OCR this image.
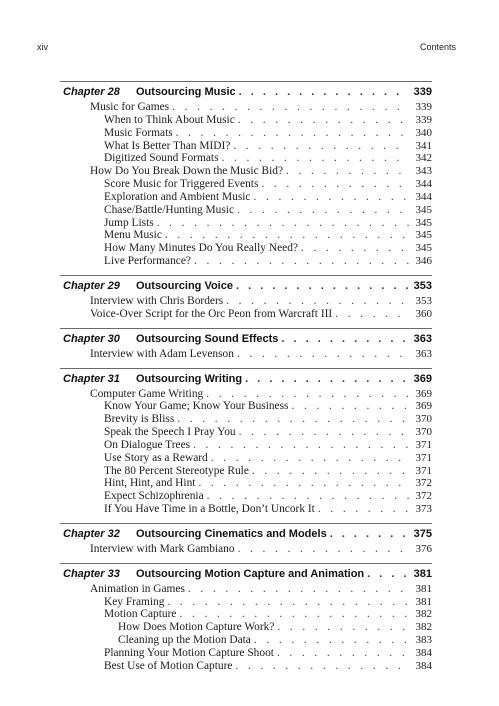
xiv	Contents
Chapter 28	Outsourcing Music . . .	339
Music for Games . . .	339
When to Think About Music . . .	339
Music Formats . . .	340
What Is Better Than MIDI? . . .	341
Digitized Sound Formats . . .	342
How Do You Break Down the Music Bid? . . .	343
Score Music for Triggered Events . . .	344
Exploration and Ambient Music . . .	344
Chase/Battle/Hunting Music . . .	345
Jump Lists . . .	345
Menu Music . . .	345
How Many Minutes Do You Really Need? . . .	345
Live Performance? . . .	346
Chapter 29	Outsourcing Voice . . .	353
Interview with Chris Borders . . .	353
Voice-Over Script for the Orc Peon from Warcraft III . . .	360
Chapter 30	Outsourcing Sound Effects . . .	363
Interview with Adam Levenson . . .	363
Chapter 31	Outsourcing Writing . . .	369
Computer Game Writing . . .	369
Know Your Game; Know Your Business . . .	369
Brevity is Bliss . . .	370
Speak the Speech I Pray You . . .	370
On Dialogue Trees . . .	371
Use Story as a Reward . . .	371
The 80 Percent Stereotype Rule . . .	371
Hint, Hint, and Hint . . .	372
Expect Schizophrenia . . .	372
If You Have Time in a Bottle, Don’t Uncork It . . .	373
Chapter 32	Outsourcing Cinematics and Models . . .	375
Interview with Mark Gambiano . . .	376
Chapter 33	Outsourcing Motion Capture and Animation . . .	381
Animation in Games . . .	381
Key Framing . . .	381
Motion Capture . . .	382
How Does Motion Capture Work? . . .	382
Cleaning up the Motion Data . . .	383
Planning Your Motion Capture Shoot . . .	384
Best Use of Motion Capture . . .	384
